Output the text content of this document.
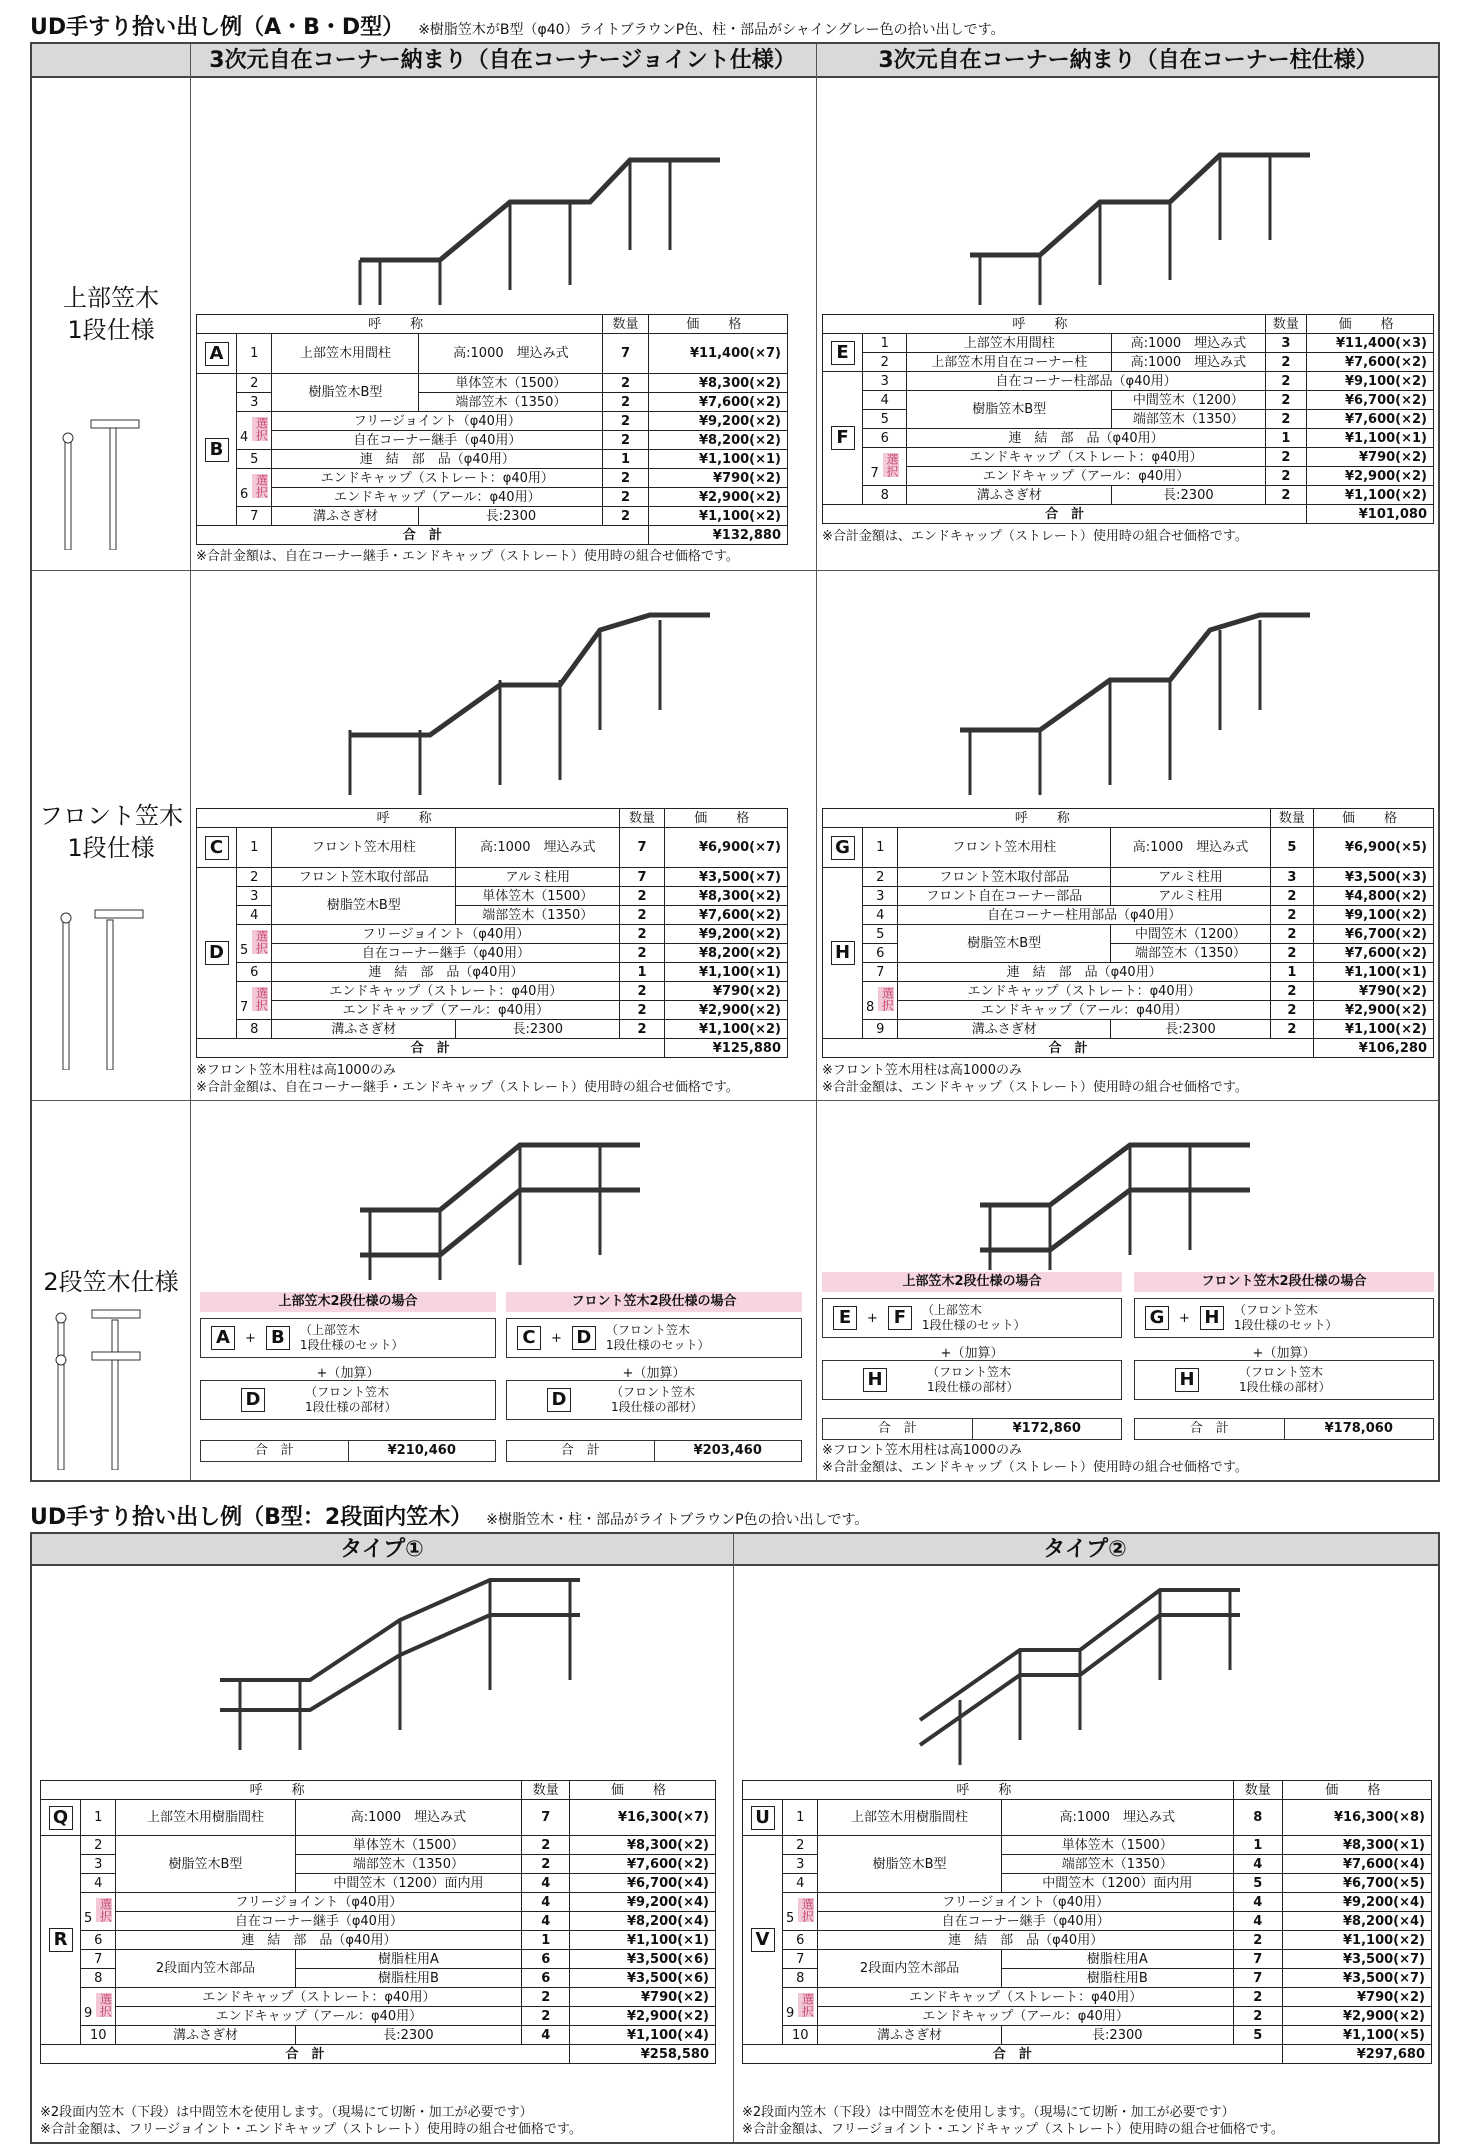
UD手すり拾い出し例（A・B・D型） ※樹脂笠木がB型（φ40）ライトブラウンP色、柱・部品がシャイングレー色の拾い出しです。
3次元自在コーナー納まり（自在コーナージョイント仕様）	3次元自在コーナー納まり（自在コーナー柱仕様）
上部笠木
1段仕様
フロント笠木
1段仕様
2段笠木仕様
呼　称				数量	価　格
A	1	上部笠木用間柱	高:1000　埋込み式	7	¥11,400(×7)
B	2	樹脂笠木B型	単体笠木（1500）	2	¥8,300(×2)
	3		端部笠木（1350）	2	¥7,600(×2)
	4 選択	フリージョイント（φ40用）		2	¥9,200(×2)
		自在コーナー継手（φ40用）		2	¥8,200(×2)
	5	連　結　部　品（φ40用）		1	¥1,100(×1)
	6 選択	エンドキャップ（ストレート：φ40用）		2	¥790(×2)
		エンドキャップ（アール：φ40用）		2	¥2,900(×2)
	7	溝ふさぎ材	長:2300	2	¥1,100(×2)
合　計					¥132,880
※合計金額は、自在コーナー継手・エンドキャップ（ストレート）使用時の組合せ価格です。
呼　称				数量	価　格
E	1	上部笠木用間柱	高:1000　埋込み式	3	¥11,400(×3)
	2	上部笠木用自在コーナー柱	高:1000　埋込み式	2	¥7,600(×2)
F	3	自在コーナー柱部品（φ40用）		2	¥9,100(×2)
	4	樹脂笠木B型	中間笠木（1200）	2	¥6,700(×2)
	5		端部笠木（1350）	2	¥7,600(×2)
	6	連　結　部　品（φ40用）		1	¥1,100(×1)
	7 選択	エンドキャップ（ストレート：φ40用）		2	¥790(×2)
		エンドキャップ（アール：φ40用）		2	¥2,900(×2)
	8	溝ふさぎ材	長:2300	2	¥1,100(×2)
合　計					¥101,080
※合計金額は、エンドキャップ（ストレート）使用時の組合せ価格です。
呼　称				数量	価　格
C	1	フロント笠木用柱	高:1000　埋込み式	7	¥6,900(×7)
D	2	フロント笠木取付部品	アルミ柱用	7	¥3,500(×7)
	3	樹脂笠木B型	単体笠木（1500）	2	¥8,300(×2)
	4		端部笠木（1350）	2	¥7,600(×2)
	5 選択	フリージョイント（φ40用）		2	¥9,200(×2)
		自在コーナー継手（φ40用）		2	¥8,200(×2)
	6	連　結　部　品（φ40用）		1	¥1,100(×1)
	7 選択	エンドキャップ（ストレート：φ40用）		2	¥790(×2)
		エンドキャップ（アール：φ40用）		2	¥2,900(×2)
	8	溝ふさぎ材	長:2300	2	¥1,100(×2)
合　計					¥125,880
※フロント笠木用柱は高1000のみ
※合計金額は、自在コーナー継手・エンドキャップ（ストレート）使用時の組合せ価格です。
呼　称				数量	価　格
G	1	フロント笠木用柱	高:1000　埋込み式	5	¥6,900(×5)
H	2	フロント笠木取付部品	アルミ柱用	3	¥3,500(×3)
	3	フロント自在コーナー部品	アルミ柱用	2	¥4,800(×2)
	4	自在コーナー柱用部品（φ40用）		2	¥9,100(×2)
	5	樹脂笠木B型	中間笠木（1200）	2	¥6,700(×2)
	6		端部笠木（1350）	2	¥7,600(×2)
	7	連　結　部　品（φ40用）		1	¥1,100(×1)
	8 選択	エンドキャップ（ストレート：φ40用）		2	¥790(×2)
		エンドキャップ（アール：φ40用）		2	¥2,900(×2)
	9	溝ふさぎ材	長:2300	2	¥1,100(×2)
合　計					¥106,280
※フロント笠木用柱は高1000のみ
※合計金額は、エンドキャップ（ストレート）使用時の組合せ価格です。
上部笠木2段仕様の場合	フロント笠木2段仕様の場合
上部笠木2段仕様の場合	フロント笠木2段仕様の場合
A	+ B	（上部笠木
1段仕様のセット）	C	+ D	（フロント笠木
1段仕様のセット）
E	+ F	（上部笠木
1段仕様のセット）	G	+ H	（フロント笠木
1段仕様のセット）
+（加算）	+（加算）
+（加算）	+（加算）
D	（フロント笠木
1段仕様の部材）	D	（フロント笠木
1段仕様の部材）
H	（フロント笠木
1段仕様の部材）	H	（フロント笠木
1段仕様の部材）
合　計	¥210,460	合　計	¥203,460
合　計	¥172,860	合　計	¥178,060
※フロント笠木用柱は高1000のみ
※合計金額は、エンドキャップ（ストレート）使用時の組合せ価格です。
UD手すり拾い出し例（B型：2段面内笠木） ※樹脂笠木・柱・部品がライトブラウンP色の拾い出しです。
タイプ①	タイプ②
呼　称				数量	価　格
Q	1	上部笠木用樹脂間柱	高:1000　埋込み式	7	¥16,300(×7)
R	2	樹脂笠木B型	単体笠木（1500）	2	¥8,300(×2)
	3		端部笠木（1350）	2	¥7,600(×2)
	4		中間笠木（1200）面内用	4	¥6,700(×4)
	5 選択	フリージョイント（φ40用）		4	¥9,200(×4)
		自在コーナー継手（φ40用）		4	¥8,200(×4)
	6	連　結　部　品（φ40用）		1	¥1,100(×1)
	7	2段面内笠木部品	樹脂柱用A	6	¥3,500(×6)
	8		樹脂柱用B	6	¥3,500(×6)
	9 選択	エンドキャップ（ストレート：φ40用）		2	¥790(×2)
		エンドキャップ（アール：φ40用）		2	¥2,900(×2)
	10	溝ふさぎ材	長:2300	4	¥1,100(×4)
合　計					¥258,580
※2段面内笠木（下段）は中間笠木を使用します。（現場にて切断・加工が必要です）
※合計金額は、フリージョイント・エンドキャップ（ストレート）使用時の組合せ価格です。
呼　称				数量	価　格
U	1	上部笠木用樹脂間柱	高:1000　埋込み式	8	¥16,300(×8)
V	2	樹脂笠木B型	単体笠木（1500）	1	¥8,300(×1)
	3		端部笠木（1350）	4	¥7,600(×4)
	4		中間笠木（1200）面内用	5	¥6,700(×5)
	5 選択	フリージョイント（φ40用）		4	¥9,200(×4)
		自在コーナー継手（φ40用）		4	¥8,200(×4)
	6	連　結　部　品（φ40用）		2	¥1,100(×2)
	7	2段面内笠木部品	樹脂柱用A	7	¥3,500(×7)
	8		樹脂柱用B	7	¥3,500(×7)
	9 選択	エンドキャップ（ストレート：φ40用）		2	¥790(×2)
		エンドキャップ（アール：φ40用）		2	¥2,900(×2)
	10	溝ふさぎ材	長:2300	5	¥1,100(×5)
合　計					¥297,680
※2段面内笠木（下段）は中間笠木を使用します。（現場にて切断・加工が必要です）
※合計金額は、フリージョイント・エンドキャップ（ストレート）使用時の組合せ価格です。
